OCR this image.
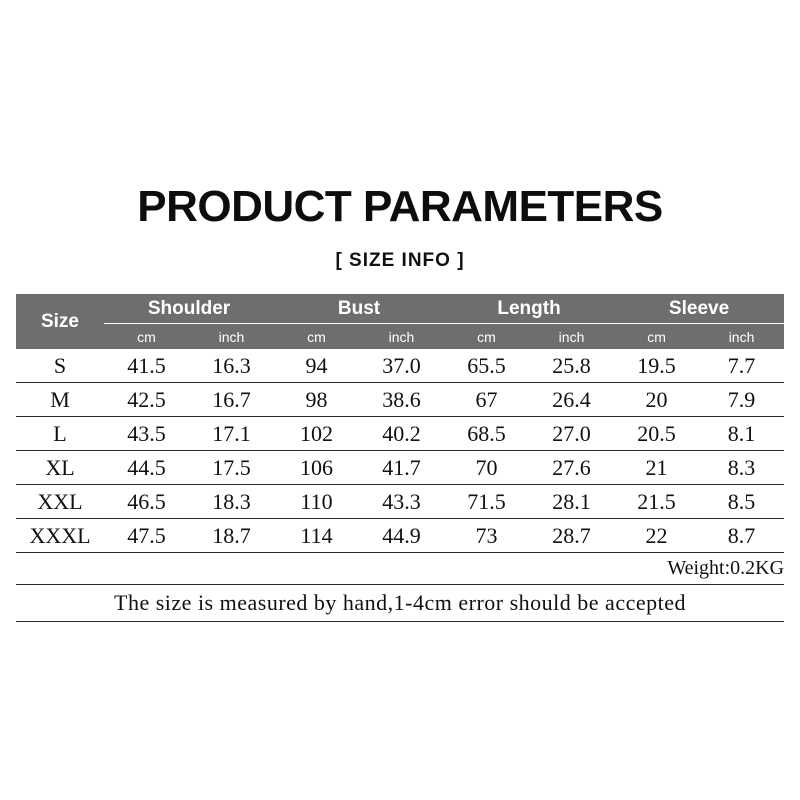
PRODUCT PARAMETERS
[ SIZE INFO ]
Size	Shoulder		Bust		Length		Sleeve	
	cm	inch	cm	inch	cm	inch	cm	inch
S	41.5	16.3	94	37.0	65.5	25.8	19.5	7.7
M	42.5	16.7	98	38.6	67	26.4	20	7.9
L	43.5	17.1	102	40.2	68.5	27.0	20.5	8.1
XL	44.5	17.5	106	41.7	70	27.6	21	8.3
XXL	46.5	18.3	110	43.3	71.5	28.1	21.5	8.5
XXXL	47.5	18.7	114	44.9	73	28.7	22	8.7
Weight:0.2KG								
The size is measured by hand,1-4cm error should be accepted								
